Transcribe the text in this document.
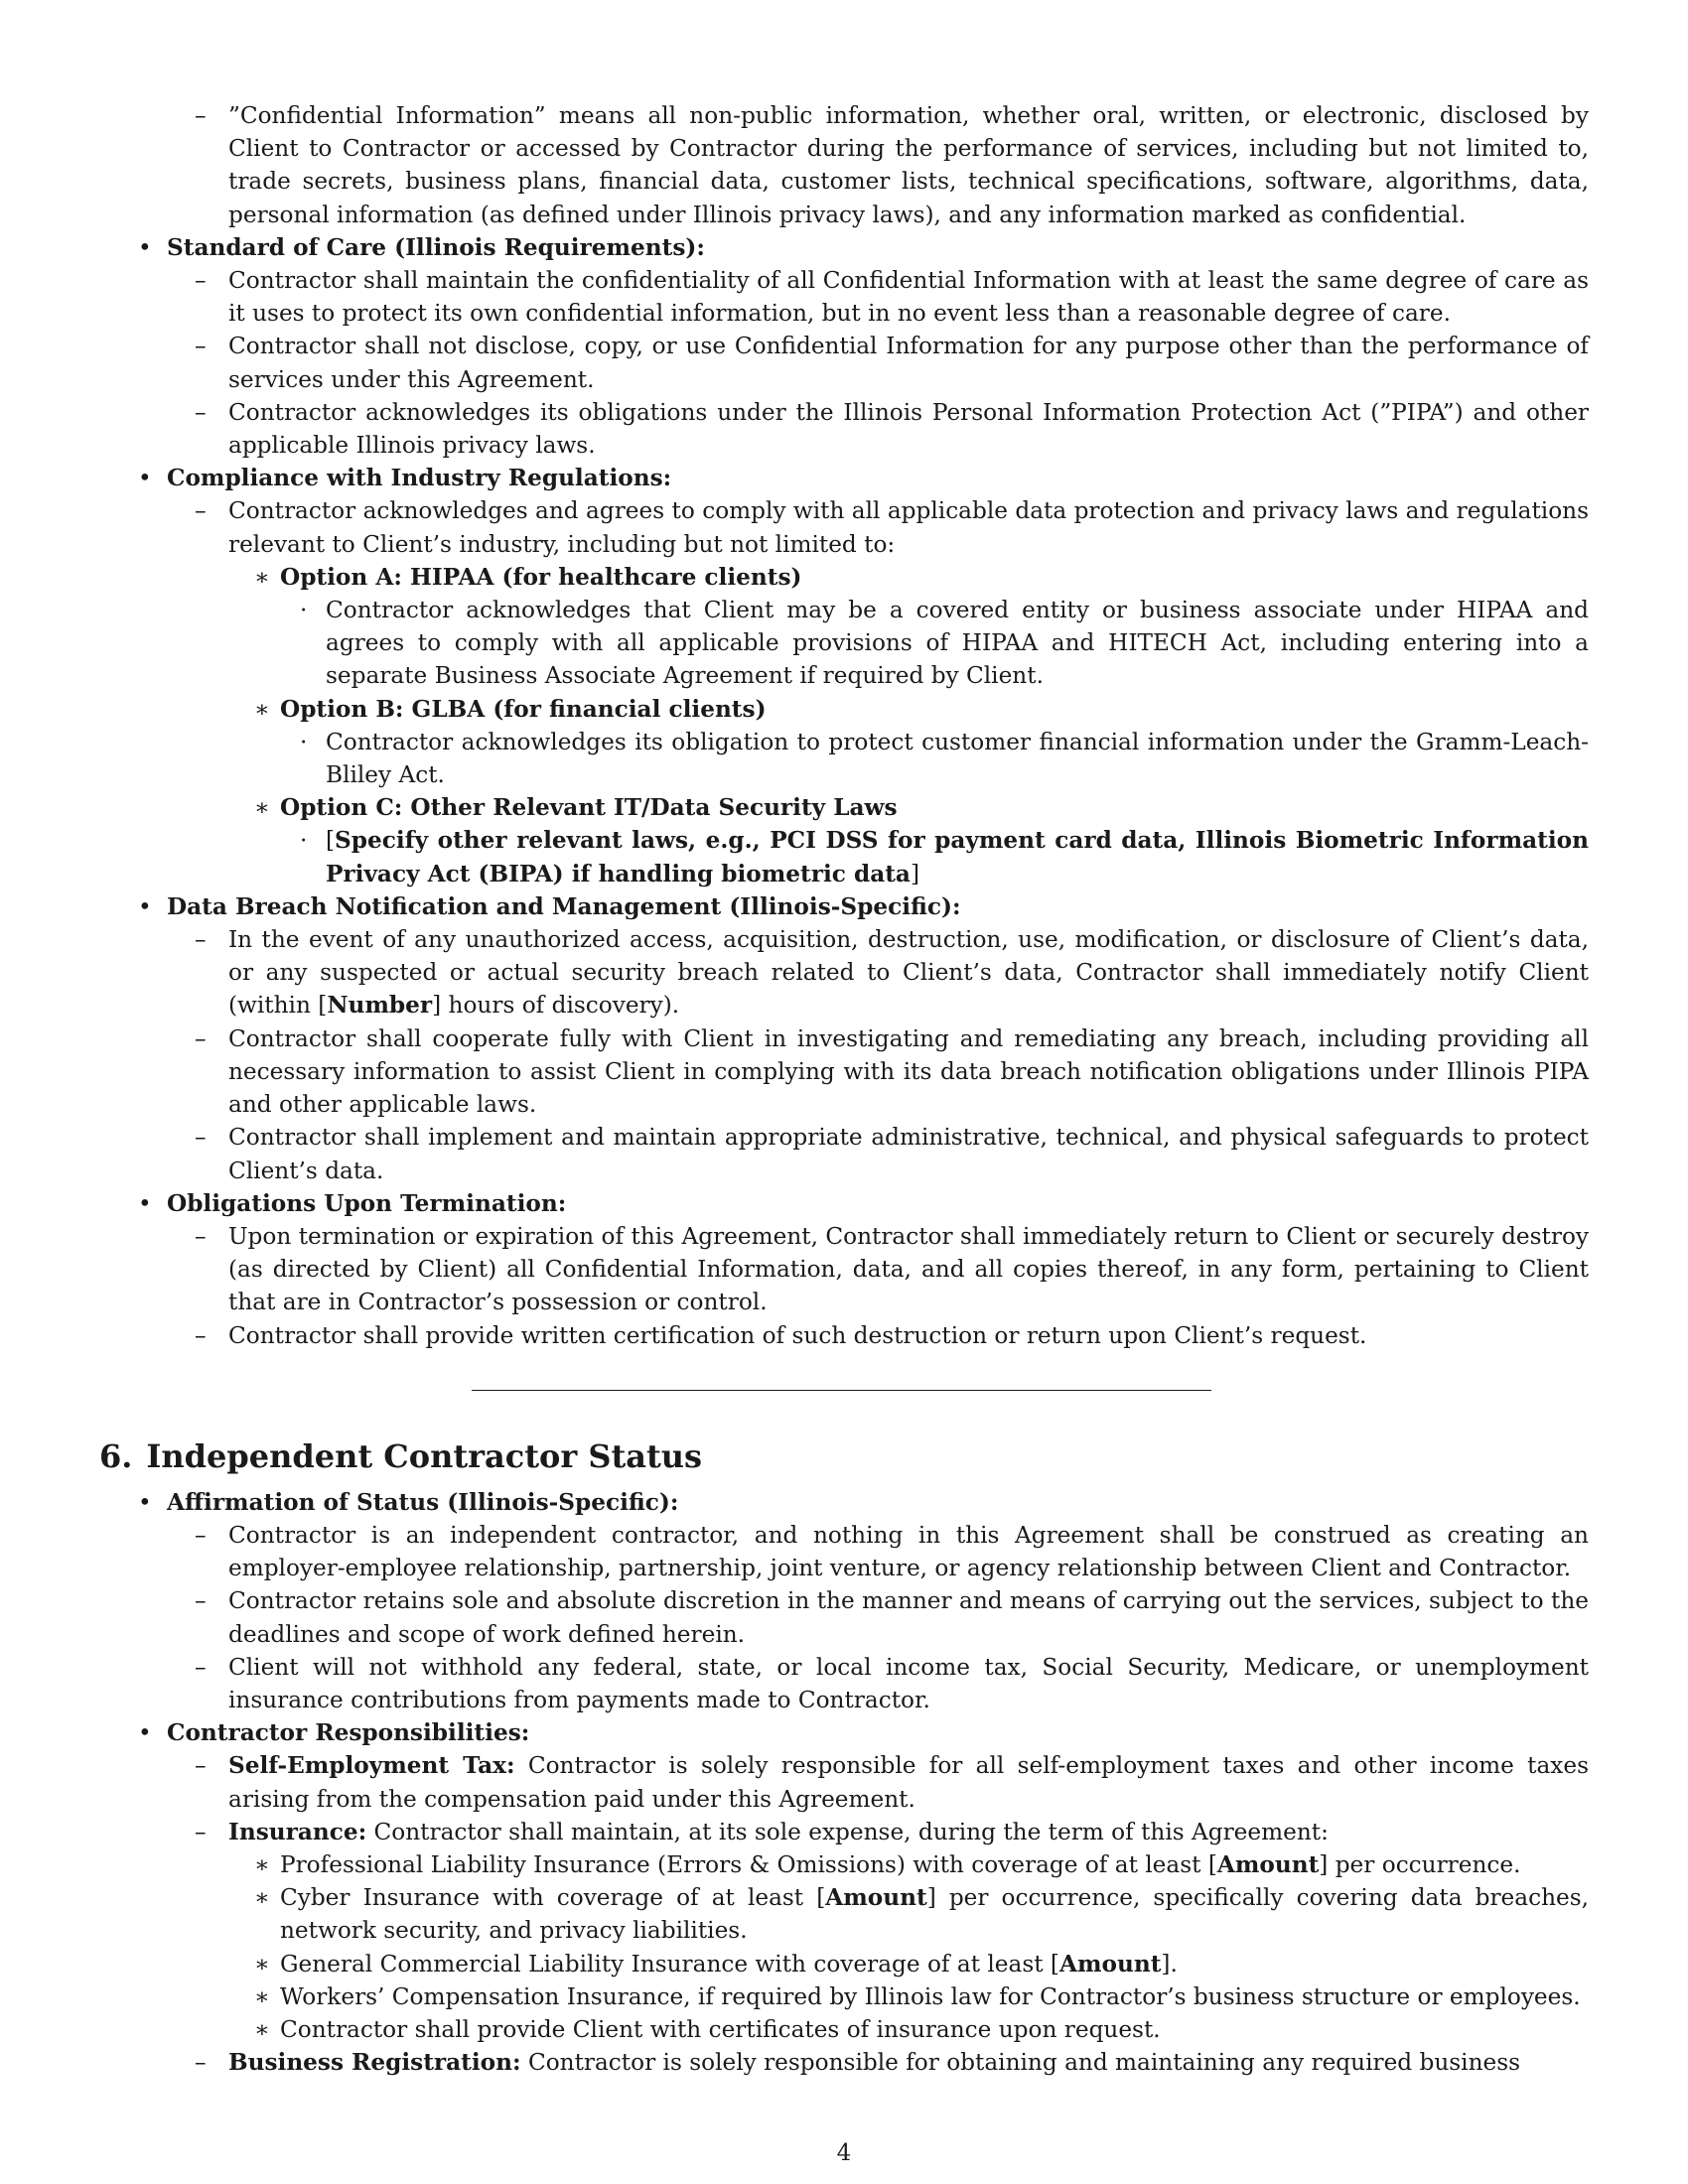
– ”Confidential Information” means all non-public information, whether oral, written, or electronic, disclosed by Client to Contractor or accessed by Contractor during the performance of services, including but not limited to, trade secrets, business plans, financial data, customer lists, technical specifications, software, algorithms, data, personal information (as defined under Illinois privacy laws), and any information marked as confidential.
• Standard of Care (Illinois Requirements):
– Contractor shall maintain the confidentiality of all Confidential Information with at least the same degree of care as it uses to protect its own confidential information, but in no event less than a reasonable degree of care.
– Contractor shall not disclose, copy, or use Confidential Information for any purpose other than the performance of services under this Agreement.
– Contractor acknowledges its obligations under the Illinois Personal Information Protection Act (”PIPA”) and other applicable Illinois privacy laws.
• Compliance with Industry Regulations:
– Contractor acknowledges and agrees to comply with all applicable data protection and privacy laws and regulations relevant to Client’s industry, including but not limited to:
∗ Option A: HIPAA (for healthcare clients)
· Contractor acknowledges that Client may be a covered entity or business associate under HIPAA and agrees to comply with all applicable provisions of HIPAA and HITECH Act, including entering into a separate Business Associate Agreement if required by Client.
∗ Option B: GLBA (for financial clients)
· Contractor acknowledges its obligation to protect customer financial information under the Gramm-Leach-Bliley Act.
∗ Option C: Other Relevant IT/Data Security Laws
· [Specify other relevant laws, e.g., PCI DSS for payment card data, Illinois Biometric Information Privacy Act (BIPA) if handling biometric data]
• Data Breach Notification and Management (Illinois-Specific):
– In the event of any unauthorized access, acquisition, destruction, use, modification, or disclosure of Client’s data, or any suspected or actual security breach related to Client’s data, Contractor shall immediately notify Client (within [Number] hours of discovery).
– Contractor shall cooperate fully with Client in investigating and remediating any breach, including providing all necessary information to assist Client in complying with its data breach notification obligations under Illinois PIPA and other applicable laws.
– Contractor shall implement and maintain appropriate administrative, technical, and physical safeguards to protect Client’s data.
• Obligations Upon Termination:
– Upon termination or expiration of this Agreement, Contractor shall immediately return to Client or securely destroy (as directed by Client) all Confidential Information, data, and all copies thereof, in any form, pertaining to Client that are in Contractor’s possession or control.
– Contractor shall provide written certification of such destruction or return upon Client’s request.
6. Independent Contractor Status
• Affirmation of Status (Illinois-Specific):
– Contractor is an independent contractor, and nothing in this Agreement shall be construed as creating an employer-employee relationship, partnership, joint venture, or agency relationship between Client and Contractor.
– Contractor retains sole and absolute discretion in the manner and means of carrying out the services, subject to the deadlines and scope of work defined herein.
– Client will not withhold any federal, state, or local income tax, Social Security, Medicare, or unemployment insurance contributions from payments made to Contractor.
• Contractor Responsibilities:
– Self-Employment Tax: Contractor is solely responsible for all self-employment taxes and other income taxes arising from the compensation paid under this Agreement.
– Insurance: Contractor shall maintain, at its sole expense, during the term of this Agreement:
∗ Professional Liability Insurance (Errors & Omissions) with coverage of at least [Amount] per occurrence.
∗ Cyber Insurance with coverage of at least [Amount] per occurrence, specifically covering data breaches, network security, and privacy liabilities.
∗ General Commercial Liability Insurance with coverage of at least [Amount].
∗ Workers’ Compensation Insurance, if required by Illinois law for Contractor’s business structure or employees.
∗ Contractor shall provide Client with certificates of insurance upon request.
– Business Registration: Contractor is solely responsible for obtaining and maintaining any required business
4
